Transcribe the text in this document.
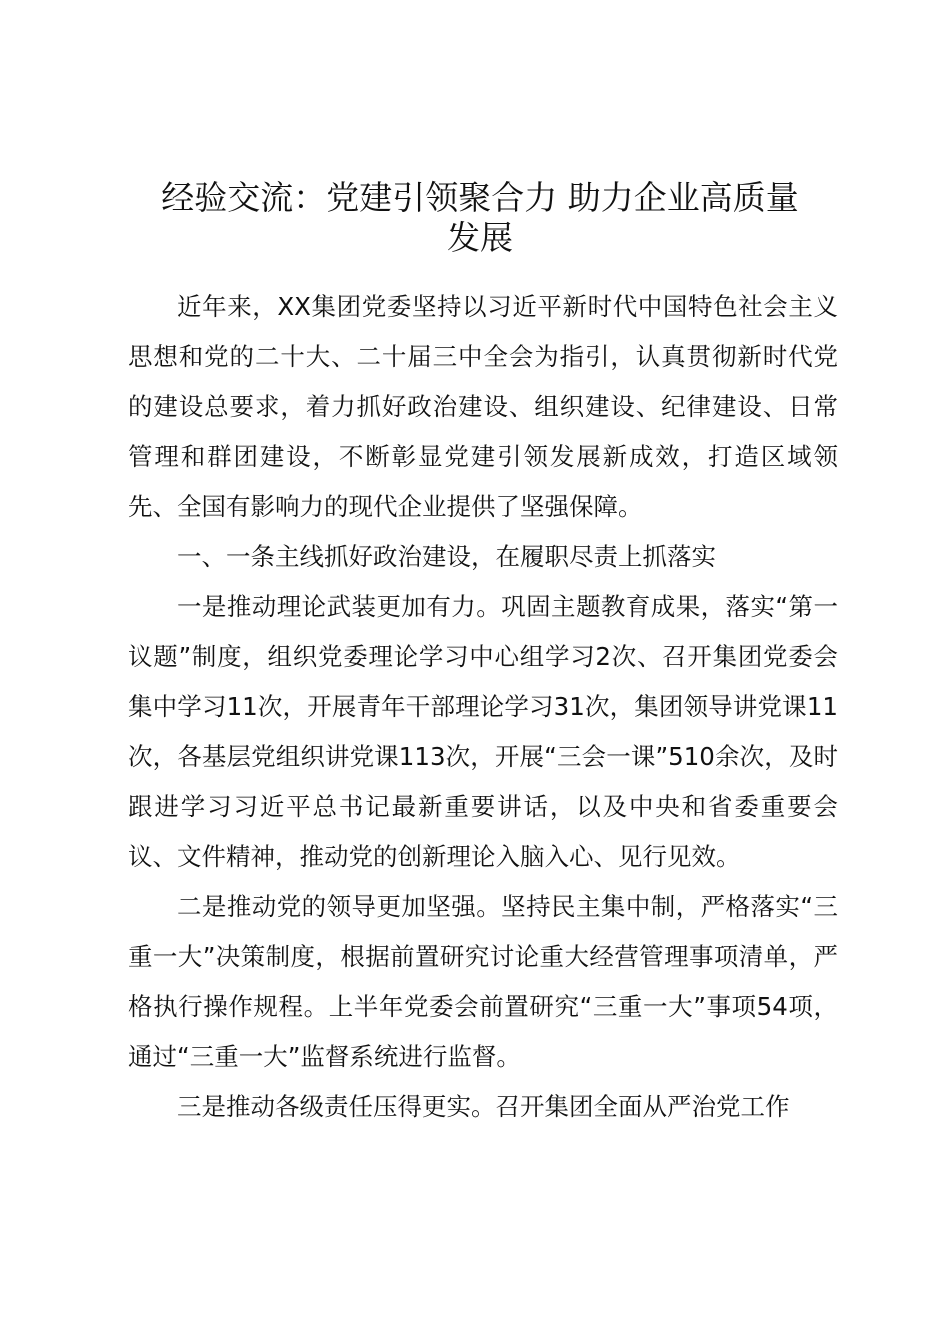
经验交流：党建引领聚合力 助力企业高质量
发展

近年来，XX集团党委坚持以习近平新时代中国特色社会主义思想和党的二十大、二十届三中全会为指引，认真贯彻新时代党的建设总要求，着力抓好政治建设、组织建设、纪律建设、日常管理和群团建设，不断彰显党建引领发展新成效，打造区域领先、全国有影响力的现代企业提供了坚强保障。

一、一条主线抓好政治建设，在履职尽责上抓落实

一是推动理论武装更加有力。巩固主题教育成果，落实“第一议题”制度，组织党委理论学习中心组学习2次、召开集团党委会集中学习11次，开展青年干部理论学习31次，集团领导讲党课11次，各基层党组织讲党课113次，开展“三会一课”510余次，及时跟进学习习近平总书记最新重要讲话，以及中央和省委重要会议、文件精神，推动党的创新理论入脑入心、见行见效。

二是推动党的领导更加坚强。坚持民主集中制，严格落实“三重一大”决策制度，根据前置研究讨论重大经营管理事项清单，严格执行操作规程。上半年党委会前置研究“三重一大”事项54项，通过“三重一大”监督系统进行监督。

三是推动各级责任压得更实。召开集团全面从严治党工作
